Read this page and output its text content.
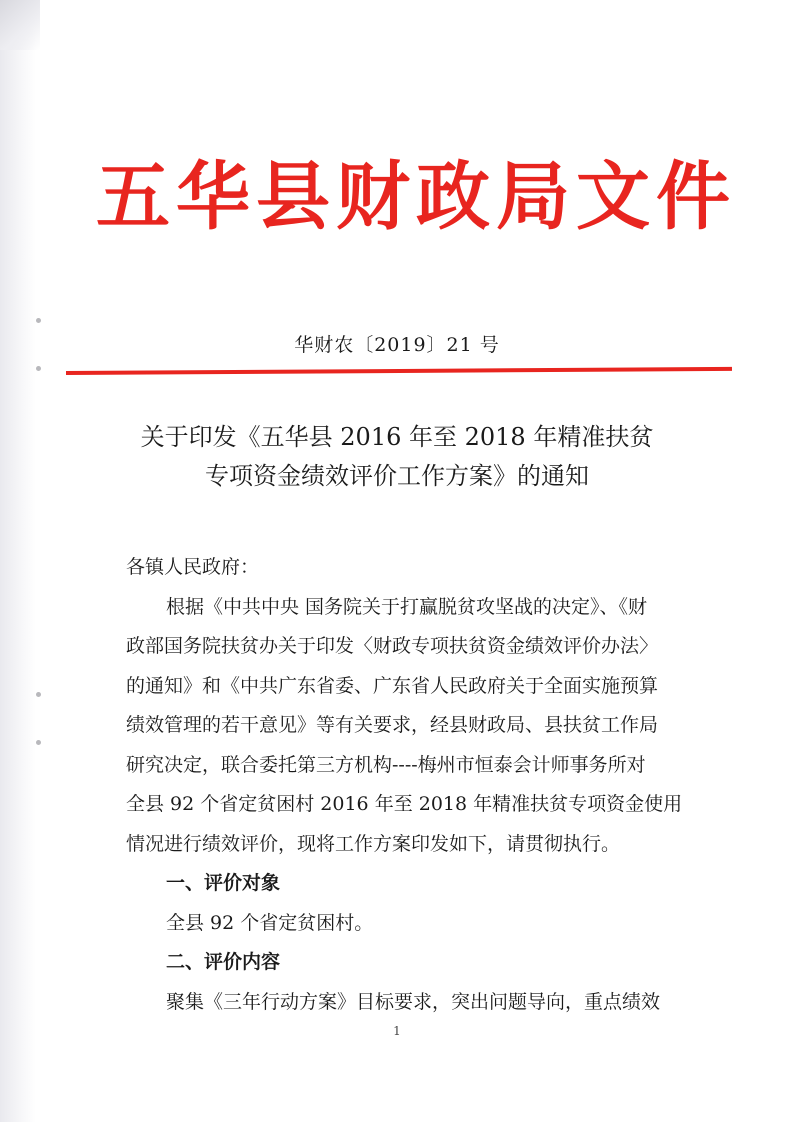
五华县财政局文件
华财农〔2019〕21 号
关于印发《五华县 2016 年至 2018 年精准扶贫
专项资金绩效评价工作方案》的通知
各镇人民政府：
根据《中共中央 国务院关于打赢脱贫攻坚战的决定》、《财
政部国务院扶贫办关于印发〈财政专项扶贫资金绩效评价办法〉
的通知》和《中共广东省委、广东省人民政府关于全面实施预算
绩效管理的若干意见》等有关要求，经县财政局、县扶贫工作局
研究决定，联合委托第三方机构----梅州市恒泰会计师事务所对
全县 92 个省定贫困村 2016 年至 2018 年精准扶贫专项资金使用
情况进行绩效评价，现将工作方案印发如下，请贯彻执行。
一、评价对象
全县 92 个省定贫困村。
二、评价内容
聚集《三年行动方案》目标要求，突出问题导向，重点绩效
1
